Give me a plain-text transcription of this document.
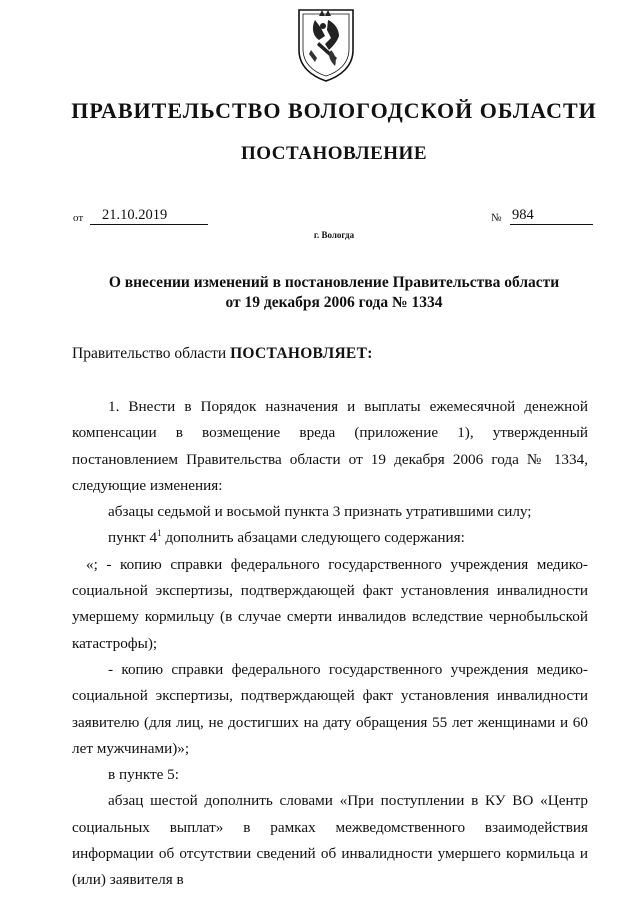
ПРАВИТЕЛЬСТВО ВОЛОГОДСКОЙ ОБЛАСТИ
ПОСТАНОВЛЕНИЕ
от	21.10.2019	№ 984
г. Вологда
О внесении изменений в постановление Правительства области
от 19 декабря 2006 года № 1334
Правительство области ПОСТАНОВЛЯЕТ:

1. Внести в Порядок назначения и выплаты ежемесячной денежной компенсации в возмещение вреда (приложение 1), утвержденный постановлением Правительства области от 19 декабря 2006 года № 1334, следующие изменения:

абзацы седьмой и восьмой пункта 3 признать утратившими силу;

пункт $4^1$ дополнить абзацами следующего содержания:

«; - копию справки федерального государственного учреждения медико-социальной экспертизы, подтверждающей факт установления инвалидности умершему кормильцу (в случае смерти инвалидов вследствие чернобыльской катастрофы);

- копию справки федерального государственного учреждения медико-социальной экспертизы, подтверждающей факт установления инвалидности заявителю (для лиц, не достигших на дату обращения 55 лет женщинами и 60 лет мужчинами)»;

в пункте 5:

абзац шестой дополнить словами «При поступлении в КУ ВО «Центр социальных выплат» в рамках межведомственного взаимодействия информации об отсутствии сведений об инвалидности умершего кормильца и (или) заявителя в
